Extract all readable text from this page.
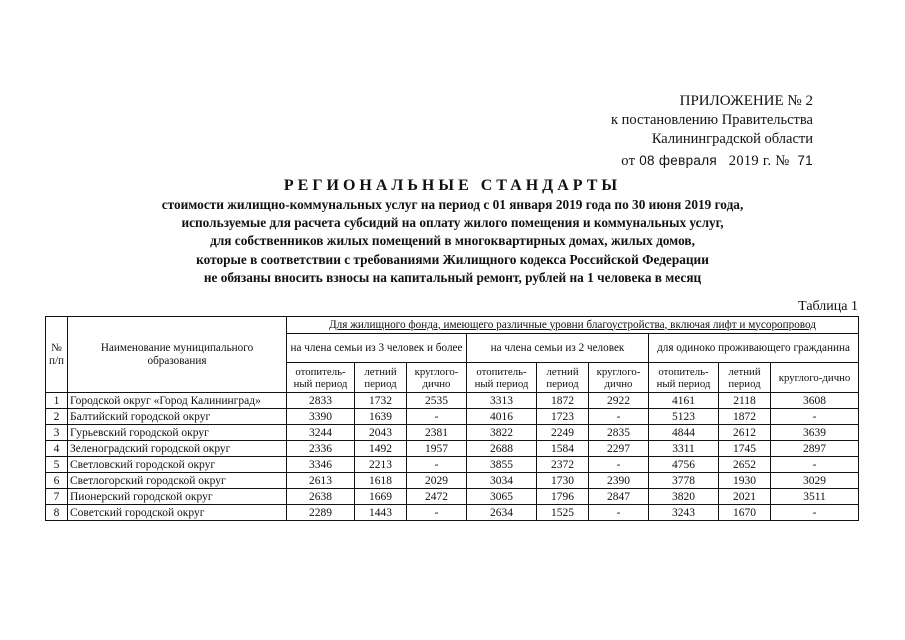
ПРИЛОЖЕНИЕ № 2
к постановлению Правительства
Калининградской области
от 08 февраля 2019 г. № 71
РЕГИОНАЛЬНЫЕ СТАНДАРТЫ
стоимости жилищно-коммунальных услуг на период с 01 января 2019 года по 30 июня 2019 года,
используемые для расчета субсидий на оплату жилого помещения и коммунальных услуг,
для собственников жилых помещений в многоквартирных домах, жилых домов,
которые в соответствии с требованиями Жилищного кодекса Российской Федерации
не обязаны вносить взносы на капитальный ремонт, рублей на 1 человека в месяц
Таблица 1
№ п/п	Наименование муниципального образования	Для жилищного фонда, имеющего различные уровни благоустройства, включая лифт и мусоропровод								
		на члена семьи из 3 человек и более			на члена семьи из 2 человек			для одиноко проживающего гражданина		
		отопитель-ный период	летний период	круглого-дично	отопитель-ный период	летний период	круглого-дично	отопитель-ный период	летний период	круглого-дично
1	Городской округ «Город Калининград»	2833	1732	2535	3313	1872	2922	4161	2118	3608
2	Балтийский городской округ	3390	1639	-	4016	1723	-	5123	1872	-
3	Гурьевский городской округ	3244	2043	2381	3822	2249	2835	4844	2612	3639
4	Зеленоградский городской округ	2336	1492	1957	2688	1584	2297	3311	1745	2897
5	Светловский городской округ	3346	2213	-	3855	2372	-	4756	2652	-
6	Светлогорский городской округ	2613	1618	2029	3034	1730	2390	3778	1930	3029
7	Пионерский городской округ	2638	1669	2472	3065	1796	2847	3820	2021	3511
8	Советский городской округ	2289	1443	-	2634	1525	-	3243	1670	-
